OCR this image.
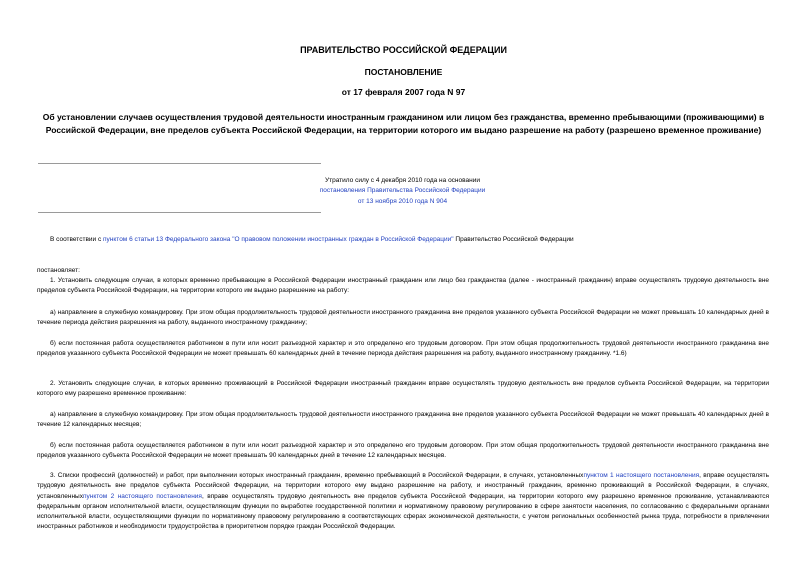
ПРАВИТЕЛЬСТВО РОССИЙСКОЙ ФЕДЕРАЦИИ
ПОСТАНОВЛЕНИЕ
от 17 февраля 2007 года N 97
Об установлении случаев осуществления трудовой деятельности иностранным гражданином или лицом без гражданства, временно пребывающими (проживающими) в Российской Федерации, вне пределов субъекта Российской Федерации, на территории которого им выдано разрешение на работу (разрешено временное проживание)
Утратило силу с 4 декабря 2010 года на основании
постановления Правительства Российской Федерации
от 13 ноября 2010 года N 904
В соответствии с пунктом 6 статьи 13 Федерального закона "О правовом положении иностранных граждан в Российской Федерации" Правительство Российской Федерации
постановляет:
1. Установить следующие случаи, в которых временно пребывающие в Российской Федерации иностранный гражданин или лицо без гражданства (далее - иностранный гражданин) вправе осуществлять трудовую деятельность вне пределов субъекта Российской Федерации, на территории которого им выдано разрешение на работу:
а) направление в служебную командировку. При этом общая продолжительность трудовой деятельности иностранного гражданина вне пределов указанного субъекта Российской Федерации не может превышать 10 календарных дней в течение периода действия разрешения на работу, выданного иностранному гражданину;
б) если постоянная работа осуществляется работником в пути или носит разъездной характер и это определено его трудовым договором. При этом общая продолжительность трудовой деятельности иностранного гражданина вне пределов указанного субъекта Российской Федерации не может превышать 60 календарных дней в течение периода действия разрешения на работу, выданного иностранному гражданину. *1.6)
2. Установить следующие случаи, в которых временно проживающий в Российской Федерации иностранный гражданин вправе осуществлять трудовую деятельность вне пределов субъекта Российской Федерации, на территории которого ему разрешено временное проживание:
а) направление в служебную командировку. При этом общая продолжительность трудовой деятельности иностранного гражданина вне пределов указанного субъекта Российской Федерации не может превышать 40 календарных дней в течение 12 календарных месяцев;
б) если постоянная работа осуществляется работником в пути или носит разъездной характер и это определено его трудовым договором. При этом общая продолжительность трудовой деятельности иностранного гражданина вне пределов указанного субъекта Российской Федерации не может превышать 90 календарных дней в течение 12 календарных месяцев.
3. Списки профессий (должностей) и работ, при выполнении которых иностранный гражданин, временно пребывающий в Российской Федерации, в случаях, установленныхпунктом 1 настоящего постановления, вправе осуществлять трудовую деятельность вне пределов субъекта Российской Федерации, на территории которого ему выдано разрешение на работу, и иностранный гражданин, временно проживающий в Российской Федерации, в случаях, установленныхпунктом 2 настоящего постановления, вправе осуществлять трудовую деятельность вне пределов субъекта Российской Федерации, на территории которого ему разрешено временное проживание, устанавливаются федеральным органом исполнительной власти, осуществляющим функции по выработке государственной политики и нормативному правовому регулированию в сфере занятости населения, по согласованию с федеральными органами исполнительной власти, осуществляющими функции по нормативному правовому регулированию в соответствующих сферах экономической деятельности, с учетом региональных особенностей рынка труда, потребности в привлечении иностранных работников и необходимости трудоустройства в приоритетном порядке граждан Российской Федерации.
